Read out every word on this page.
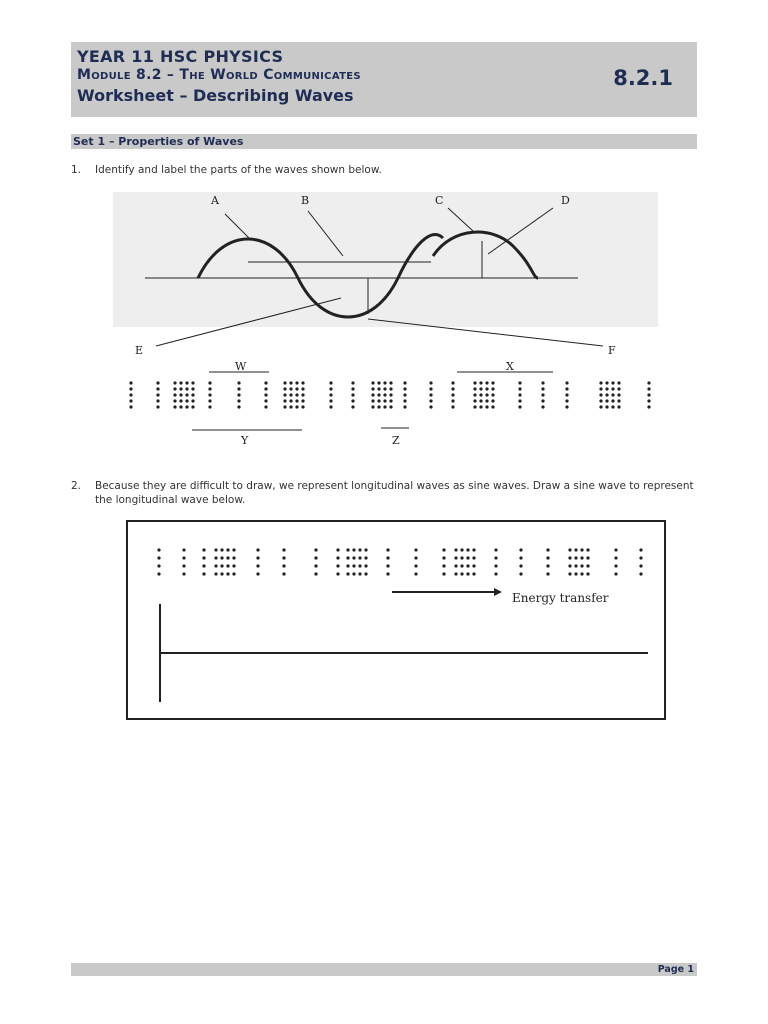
YEAR 11 HSC PHYSICS
Module 8.2 – The World Communicates
Worksheet – Describing Waves
8.2.1
Set 1 – Properties of Waves
1. Identify and label the parts of the waves shown below.
A	B	C	D
E	F
W	X
Y	Z
2. Because they are difficult to draw, we represent longitudinal waves as sine waves. Draw a sine wave to represent
the longitudinal wave below.
Energy transfer
Page 1
